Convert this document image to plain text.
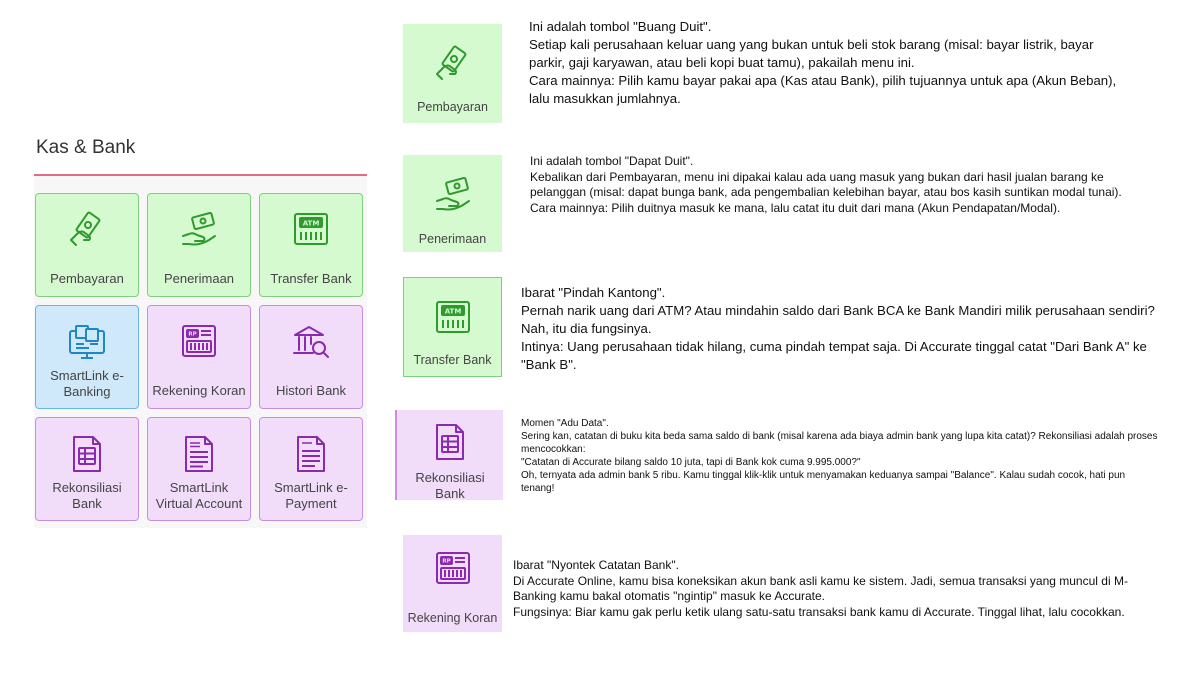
Kas & Bank
Pembayaran	Penerimaan
ATM
Transfer Bank
SmartLink e-Banking
RP
Rekening Koran	Histori Bank
Rekonsiliasi Bank
SmartLink Virtual Account
SmartLink e-Payment
Pembayaran

Ini adalah tombol "Buang Duit".

Setiap kali perusahaan keluar uang yang bukan untuk beli stok barang (misal: bayar listrik, bayar parkir, gaji karyawan, atau beli kopi buat tamu), pakailah menu ini.

Cara mainnya: Pilih kamu bayar pakai apa (Kas atau Bank), pilih tujuannya untuk apa (Akun Beban), lalu masukkan jumlahnya.

Penerimaan

Ini adalah tombol "Dapat Duit".

Kebalikan dari Pembayaran, menu ini dipakai kalau ada uang masuk yang bukan dari hasil jualan barang ke pelanggan (misal: dapat bunga bank, ada pengembalian kelebihan bayar, atau bos kasih suntikan modal tunai).

Cara mainnya: Pilih duitnya masuk ke mana, lalu catat itu duit dari mana (Akun Pendapatan/Modal).

ATM
Transfer Bank

Ibarat "Pindah Kantong".

Pernah narik uang dari ATM? Atau mindahin saldo dari Bank BCA ke Bank Mandiri milik perusahaan sendiri? Nah, itu dia fungsinya.

Intinya: Uang perusahaan tidak hilang, cuma pindah tempat saja. Di Accurate tinggal catat "Dari Bank A" ke "Bank B".

Rekonsiliasi Bank

Momen "Adu Data".

Sering kan, catatan di buku kita beda sama saldo di bank (misal karena ada biaya admin bank yang lupa kita catat)? Rekonsiliasi adalah proses mencocokkan:

"Catatan di Accurate bilang saldo 10 juta, tapi di Bank kok cuma 9.995.000?"

Oh, ternyata ada admin bank 5 ribu. Kamu tinggal klik-klik untuk menyamakan keduanya sampai "Balance". Kalau sudah cocok, hati pun tenang!

RP
Rekening Koran

Ibarat "Nyontek Catatan Bank".

Di Accurate Online, kamu bisa koneksikan akun bank asli kamu ke sistem. Jadi, semua transaksi yang muncul di M-Banking kamu bakal otomatis "ngintip" masuk ke Accurate.

Fungsinya: Biar kamu gak perlu ketik ulang satu-satu transaksi bank kamu di Accurate. Tinggal lihat, lalu cocokkan.
